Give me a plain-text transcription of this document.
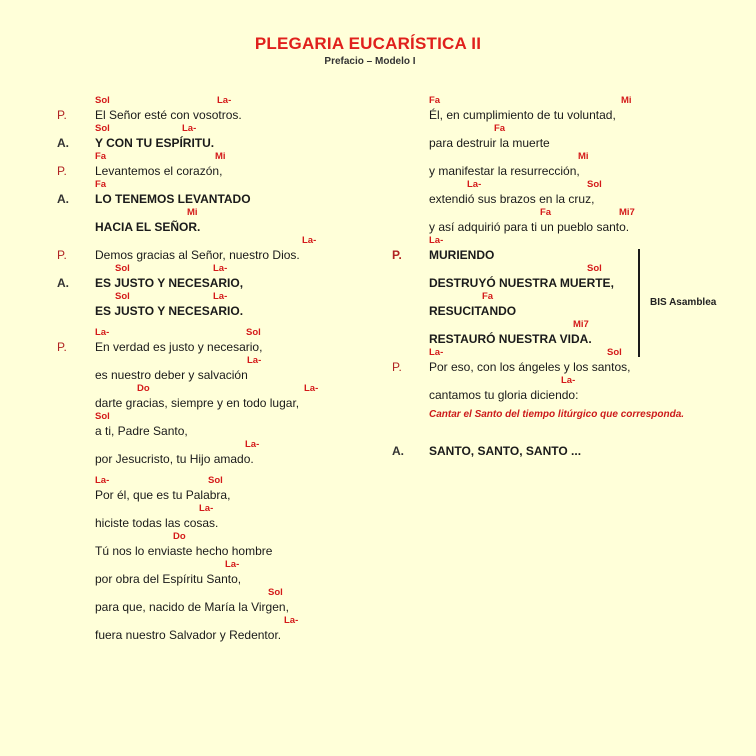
PLEGARIA EUCARÍSTICA II
Prefacio – Modelo I
Sol	La-
P. El Señor esté con vosotros.
Sol	La-
A. Y CON TU ESPÍRITU.
Fa	Mi
P. Levantemos el corazón,
Fa
A. LO TENEMOS LEVANTADO
Mi
HACIA EL SEÑOR.
La-
P. Demos gracias al Señor, nuestro Dios.
Sol	La-
A. ES JUSTO Y NECESARIO,
Sol	La-
ES JUSTO Y NECESARIO.
La-	Sol
P. En verdad es justo y necesario,
La-
es nuestro deber y salvación
Do	La-
darte gracias, siempre y en todo lugar,
Sol
a ti, Padre Santo,
La-
por Jesucristo, tu Hijo amado.
La-	Sol
Por él, que es tu Palabra,
La-
hiciste todas las cosas.
Do
Tú nos lo enviaste hecho hombre
La-
por obra del Espíritu Santo,
Sol
para que, nacido de María la Virgen,
La-
fuera nuestro Salvador y Redentor.
Fa	Mi
Él, en cumplimiento de tu voluntad,
Fa
para destruir la muerte
Mi
y manifestar la resurrección,
La-	Sol
extendió sus brazos en la cruz,
Fa	Mi7
y así adquirió para ti un pueblo santo.
La-
P. MURIENDO
Sol
DESTRUYÓ NUESTRA MUERTE,
Fa
RESUCITANDO
Mi7
RESTAURÓ NUESTRA VIDA.
La-	Sol
P. Por eso, con los ángeles y los santos,
La-
cantamos tu gloria diciendo:
Cantar el Santo del tiempo litúrgico que corresponda.
A. SANTO, SANTO, SANTO ...
BIS Asamblea
